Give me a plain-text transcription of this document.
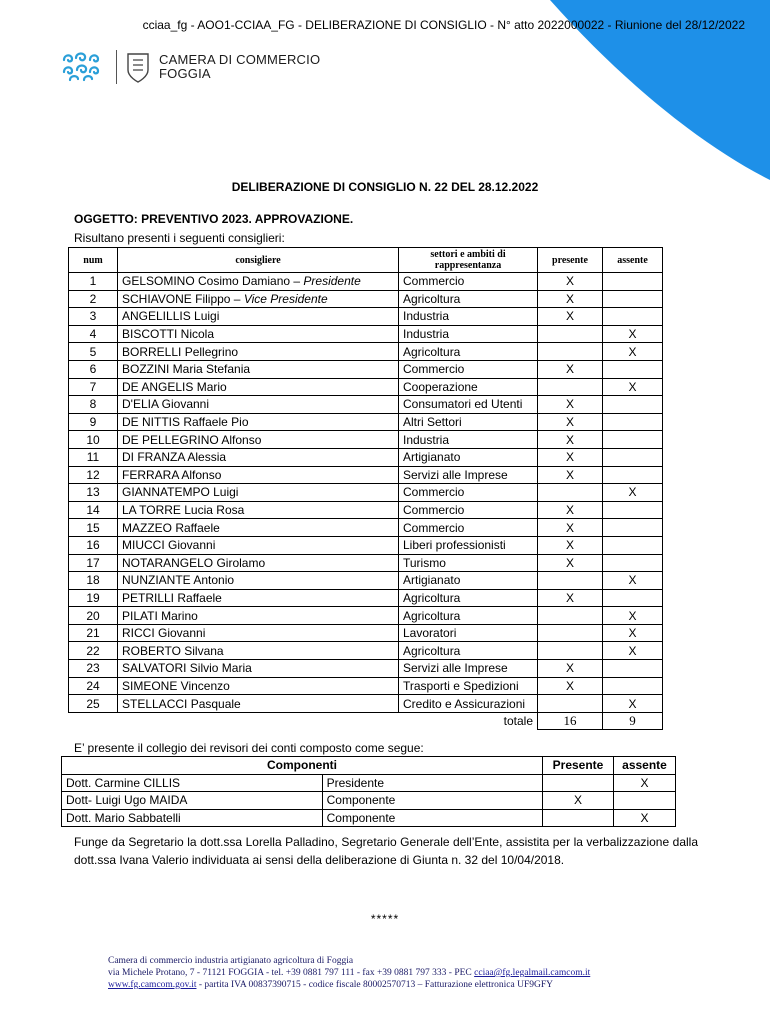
cciaa_fg - AOO1-CCIAA_FG - DELIBERAZIONE DI CONSIGLIO - N° atto 2022000022 - Riunione del 28/12/2022
CAMERA DI COMMERCIO
FOGGIA
DELIBERAZIONE DI CONSIGLIO N. 22 DEL 28.12.2022
OGGETTO: PREVENTIVO 2023. APPROVAZIONE.
Risultano presenti i seguenti consiglieri:
num	consigliere	settori e ambiti di rappresentanza	presente	assente
1	GELSOMINO Cosimo Damiano – Presidente	Commercio	X	
2	SCHIAVONE Filippo – Vice Presidente	Agricoltura	X	
3	ANGELILLIS Luigi	Industria	X	
4	BISCOTTI Nicola	Industria		X
5	BORRELLI Pellegrino	Agricoltura		X
6	BOZZINI Maria Stefania	Commercio	X	
7	DE ANGELIS Mario	Cooperazione		X
8	D'ELIA Giovanni	Consumatori ed Utenti	X	
9	DE NITTIS Raffaele Pio	Altri Settori	X	
10	DE PELLEGRINO Alfonso	Industria	X	
11	DI FRANZA Alessia	Artigianato	X	
12	FERRARA Alfonso	Servizi alle Imprese	X	
13	GIANNATEMPO Luigi	Commercio		X
14	LA TORRE Lucia Rosa	Commercio	X	
15	MAZZEO Raffaele	Commercio	X	
16	MIUCCI Giovanni	Liberi professionisti	X	
17	NOTARANGELO Girolamo	Turismo	X	
18	NUNZIANTE Antonio	Artigianato		X
19	PETRILLI Raffaele	Agricoltura	X	
20	PILATI Marino	Agricoltura		X
21	RICCI Giovanni	Lavoratori		X
22	ROBERTO Silvana	Agricoltura		X
23	SALVATORI Silvio Maria	Servizi alle Imprese	X	
24	SIMEONE Vincenzo	Trasporti e Spedizioni	X	
25	STELLACCI Pasquale	Credito e Assicurazioni		X
		totale	16	9
E’ presente il collegio dei revisori dei conti composto come segue:
Componenti		Presente	assente
Dott. Carmine CILLIS	Presidente		X
Dott- Luigi Ugo MAIDA	Componente	X	
Dott. Mario Sabbatelli	Componente		X
Funge da Segretario la dott.ssa Lorella Palladino, Segretario Generale dell’Ente, assistita per la verbalizzazione dalla dott.ssa Ivana Valerio individuata ai sensi della deliberazione di Giunta n. 32 del 10/04/2018.
*****
Camera di commercio industria artigianato agricoltura di Foggia
via Michele Protano, 7 - 71121 FOGGIA - tel. +39 0881 797 111 - fax +39 0881 797 333 - PEC cciaa@fg.legalmail.camcom.it
www.fg.camcom.gov.it - partita IVA 00837390715 - codice fiscale 80002570713 – Fatturazione elettronica UF9GFY
